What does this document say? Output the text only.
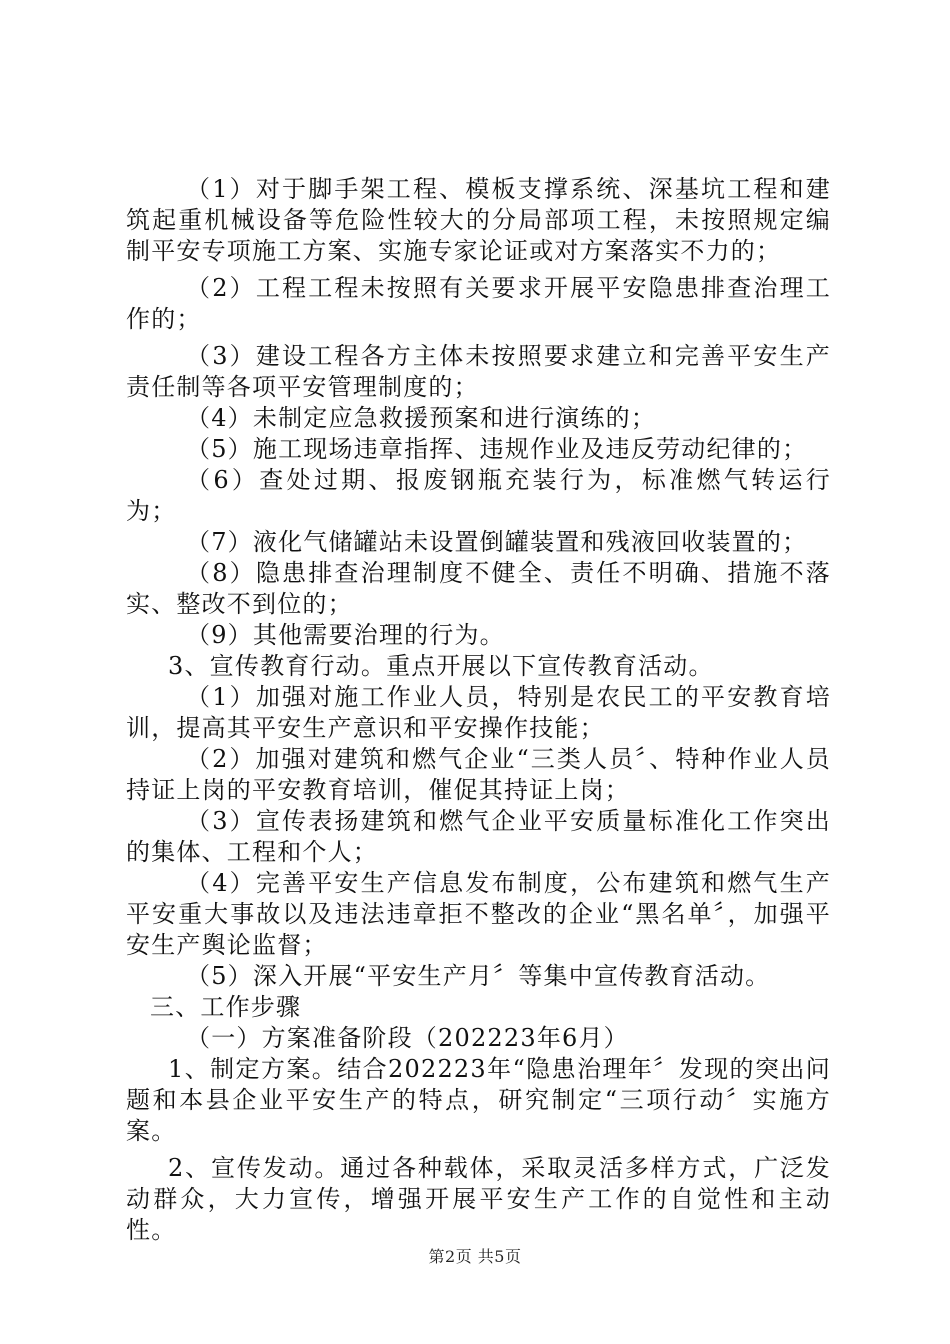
（1）对于脚手架工程、模板支撑系统、深基坑工程和建筑起重机械设备等危险性较大的分局部项工程，未按照规定编制平安专项施工方案、实施专家论证或对方案落实不力的；

（2）工程工程未按照有关要求开展平安隐患排查治理工作的；

（3）建设工程各方主体未按照要求建立和完善平安生产责任制等各项平安管理制度的；

（4）未制定应急救援预案和进行演练的；

（5）施工现场违章指挥、违规作业及违反劳动纪律的；

（6）查处过期、报废钢瓶充装行为，标准燃气转运行为；

（7）液化气储罐站未设置倒罐装置和残液回收装置的；

（8）隐患排查治理制度不健全、责任不明确、措施不落实、整改不到位的；

（9）其他需要治理的行为。

3、宣传教育行动。重点开展以下宣传教育活动。

（1）加强对施工作业人员，特别是农民工的平安教育培训，提高其平安生产意识和平安操作技能；

（2）加强对建筑和燃气企业“三类人员〞、特种作业人员持证上岗的平安教育培训，催促其持证上岗；

（3）宣传表扬建筑和燃气企业平安质量标准化工作突出的集体、工程和个人；

（4）完善平安生产信息发布制度，公布建筑和燃气生产平安重大事故以及违法违章拒不整改的企业“黑名单〞，加强平安生产舆论监督；

（5）深入开展“平安生产月〞等集中宣传教育活动。

三、工作步骤

（一）方案准备阶段（202223年6月）

1、制定方案。结合202223年“隐患治理年〞发现的突出问题和本县企业平安生产的特点，研究制定“三项行动〞实施方案。

2、宣传发动。通过各种载体，采取灵活多样方式，广泛发动群众，大力宣传，增强开展平安生产工作的自觉性和主动性。

第2页 共5页
